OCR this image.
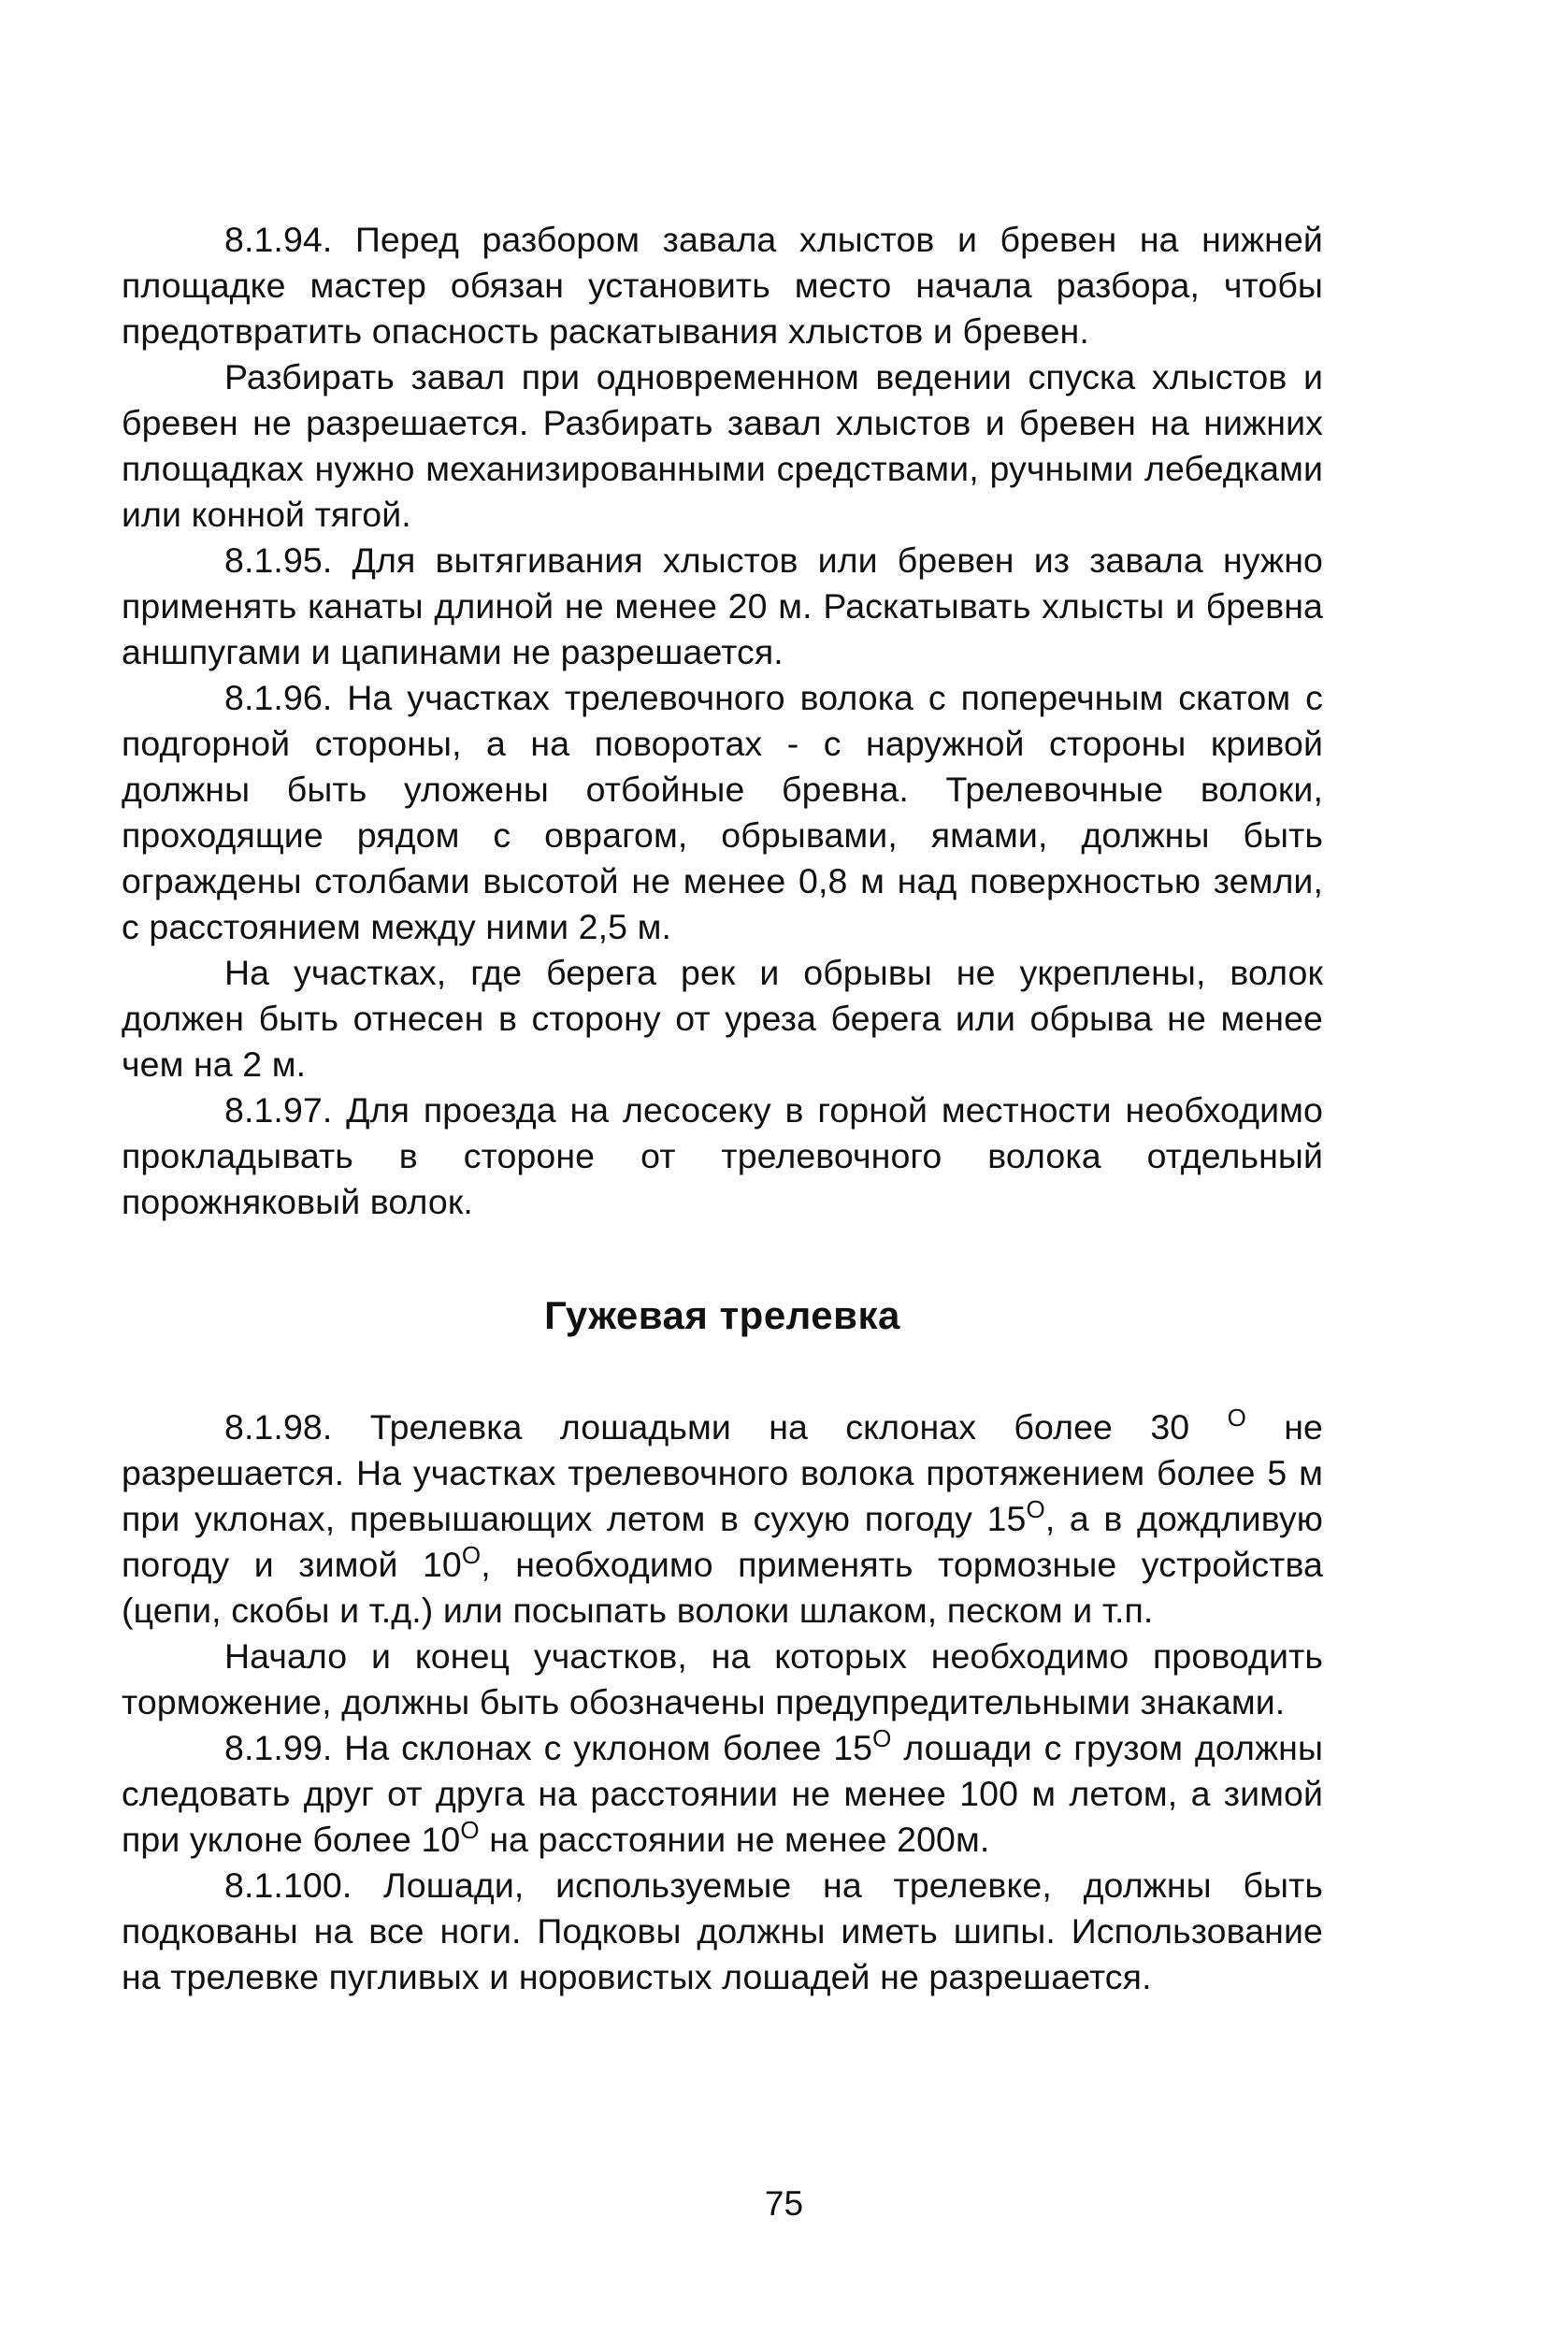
8.1.94. Перед разбором завала хлыстов и бревен на нижней площадке мастер обязан установить место начала разбора, чтобы предотвратить опасность раскатывания хлыстов и бревен.

Разбирать завал при одновременном ведении спуска хлыстов и бревен не разрешается. Разбирать завал хлыстов и бревен на нижних площадках нужно механизированными средствами, ручными лебедками или конной тягой.

8.1.95. Для вытягивания хлыстов или бревен из завала нужно применять канаты длиной не менее 20 м. Раскатывать хлысты и бревна аншпугами и цапинами не разрешается.

8.1.96. На участках трелевочного волока с поперечным скатом с подгорной стороны, а на поворотах - с наружной стороны кривой должны быть уложены отбойные бревна. Трелевочные волоки, проходящие рядом с оврагом, обрывами, ямами, должны быть ограждены столбами высотой не менее 0,8 м над поверхностью земли, с расстоянием между ними 2,5 м.

На участках, где берега рек и обрывы не укреплены, волок должен быть отнесен в сторону от уреза берега или обрыва не менее чем на 2 м.

8.1.97. Для проезда на лесосеку в горной местности необходимо прокладывать в стороне от трелевочного волока отдельный порожняковый волок.

Гужевая трелевка

8.1.98. Трелевка лошадьми на склонах более 30 $^О$ не разрешается. На участках трелевочного волока протяжением более 5 м при уклонах, превышающих летом в сухую погоду $15^О$, а в дождливую погоду и зимой $10^О$, необходимо применять тормозные устройства (цепи, скобы и т.д.) или посыпать волоки шлаком, песком и т.п.

Начало и конец участков, на которых необходимо проводить торможение, должны быть обозначены предупредительными знаками.

8.1.99. На склонах с уклоном более $15^О$ лошади с грузом должны следовать друг от друга на расстоянии не менее 100 м летом, а зимой при уклоне более $10^О$ на расстоянии не менее 200м.

8.1.100. Лошади, используемые на трелевке, должны быть подкованы на все ноги. Подковы должны иметь шипы. Использование на трелевке пугливых и норовистых лошадей не разрешается.

75
